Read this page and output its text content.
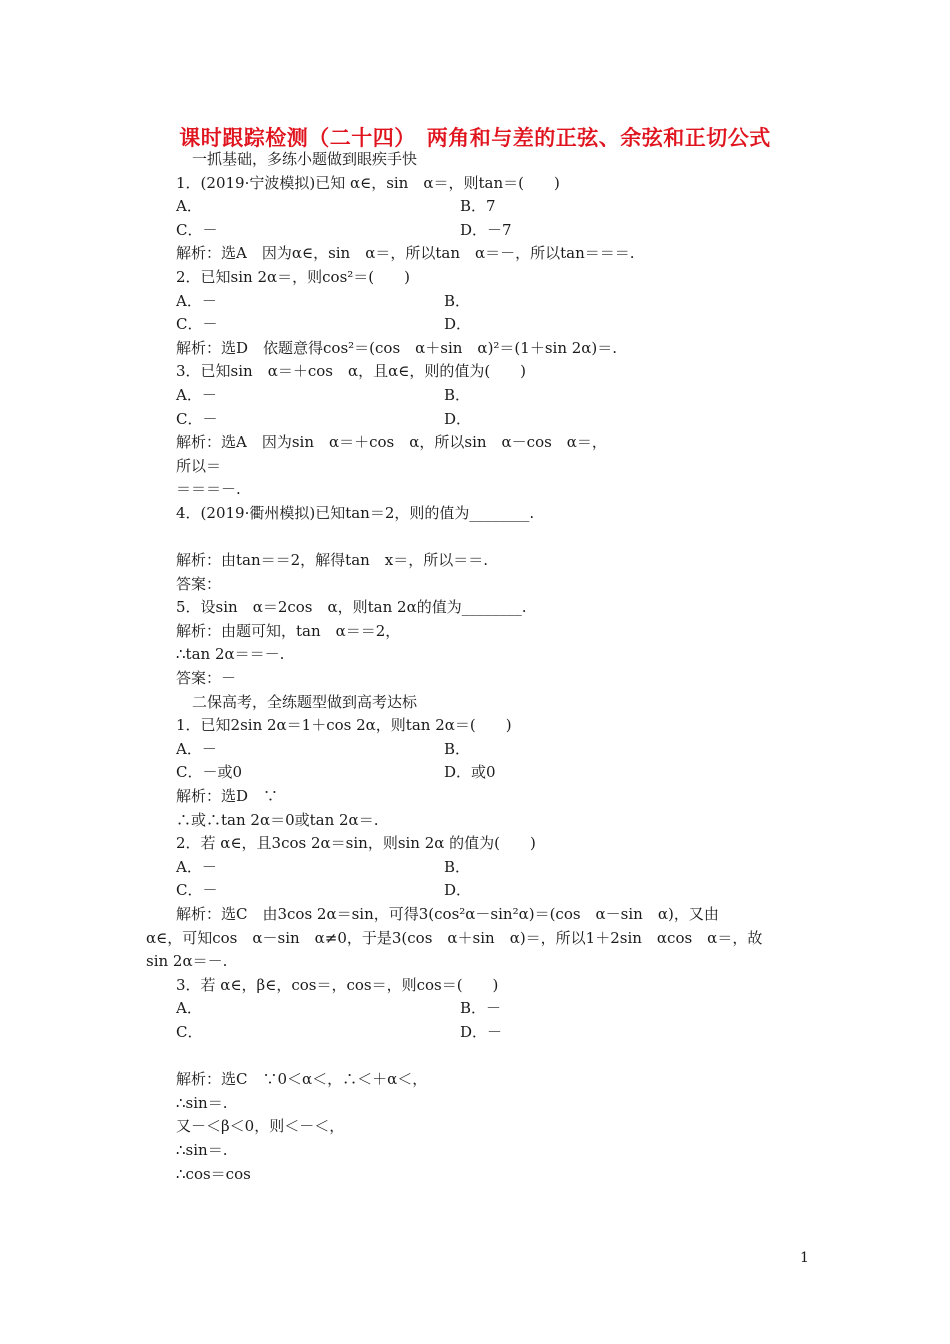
课时跟踪检测（二十四）　两角和与差的正弦、余弦和正切公式
一抓基础，多练小题做到眼疾手快
1．(2019·宁波模拟)已知 α∈，sin　α＝，则tan＝(　　)
A．	B．7
C．－	D．－7
解析：选A　因为α∈，sin　α＝，所以tan　α＝－，所以tan＝＝＝.
2．已知sin 2α＝，则cos²＝(　　)
A．－	B．
C．－	D．
解析：选D　依题意得cos²＝(cos　α＋sin　α)²＝(1＋sin 2α)＝.
3．已知sin　α＝＋cos　α，且α∈，则的值为(　　)
A．－	B．
C．－	D．
解析：选A　因为sin　α＝＋cos　α，所以sin　α－cos　α＝，
所以＝
＝＝＝－.
4．(2019·衢州模拟)已知tan＝2，则的值为________.
解析：由tan＝＝2，解得tan　x＝，所以＝＝.
答案：
5．设sin　α＝2cos　α，则tan 2α的值为________.
解析：由题可知，tan　α＝＝2，
∴tan 2α＝＝－.
答案：－
二保高考，全练题型做到高考达标
1．已知2sin 2α＝1＋cos 2α，则tan 2α＝(　　)
A．－	B．
C．－或0	D．或0
解析：选D　∵
∴或∴tan 2α＝0或tan 2α＝.
2．若 α∈，且3cos 2α＝sin，则sin 2α 的值为(　　)
A．－	B．
C．－	D．
解析：选C　由3cos 2α＝sin，可得3(cos²α－sin²α)＝(cos　α－sin　α)，又由
α∈，可知cos　α－sin　α≠0，于是3(cos　α＋sin　α)＝，所以1＋2sin　αcos　α＝，故
sin 2α＝－.
3．若 α∈，β∈，cos＝，cos＝，则cos＝(　　)
A．	B．－
C．	D．－
解析：选C　∵0＜α＜，∴＜＋α＜，
∴sin＝.
又－＜β＜0，则＜－＜，
∴sin＝.
∴cos＝cos
1
